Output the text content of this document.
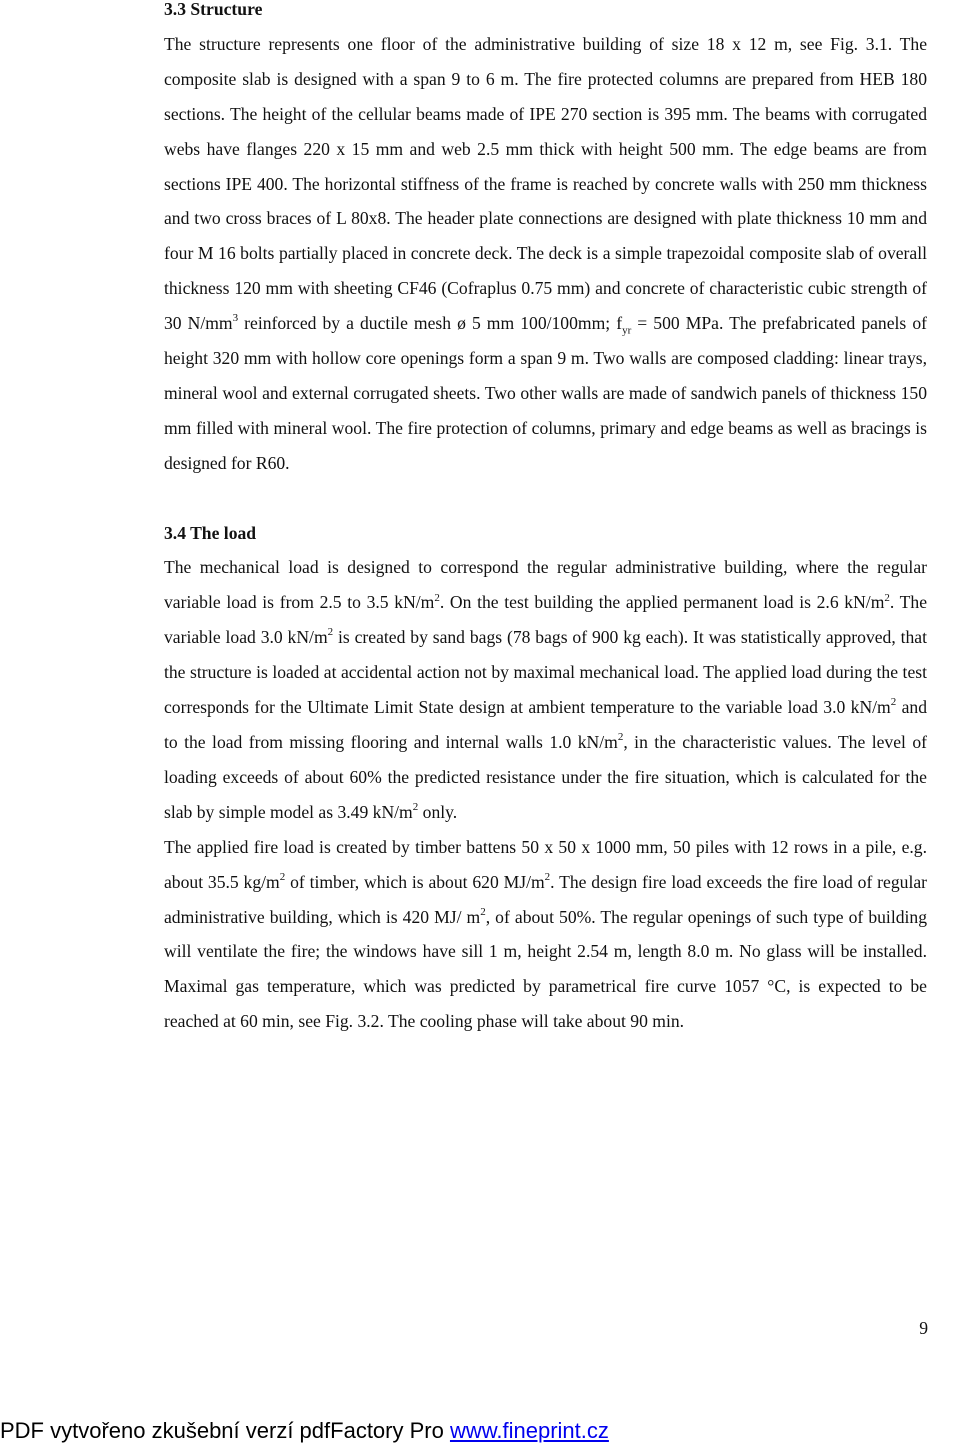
3.3 Structure

The structure represents one floor of the administrative building of size 18 x 12 m, see Fig. 3.1. The composite slab is designed with a span 9 to 6 m. The fire protected columns are prepared from HEB 180 sections. The height of the cellular beams made of IPE 270 section is 395 mm. The beams with corrugated webs have flanges 220 x 15 mm and web 2.5 mm thick with height 500 mm. The edge beams are from sections IPE 400. The horizontal stiffness of the frame is reached by concrete walls with 250 mm thickness and two cross braces of L 80x8. The header plate connections are designed with plate thickness 10 mm and four M 16 bolts partially placed in concrete deck. The deck is a simple trapezoidal composite slab of overall thickness 120 mm with sheeting CF46 (Cofraplus 0.75 mm) and concrete of characteristic cubic strength of 30 $N/mm^3$ reinforced by a ductile mesh ø 5 mm 100/100mm; $f_{yr} = 500$ MPa. The prefabricated panels of height 320 mm with hollow core openings form a span 9 m. Two walls are composed cladding: linear trays, mineral wool and external corrugated sheets. Two other walls are made of sandwich panels of thickness 150 mm filled with mineral wool. The fire protection of columns, primary and edge beams as well as bracings is designed for R60.

3.4 The load

The mechanical load is designed to correspond the regular administrative building, where the regular variable load is from 2.5 to 3.5 $kN/m^2$. On the test building the applied permanent load is 2.6 $kN/m^2$. The variable load 3.0 $kN/m^2$ is created by sand bags (78 bags of 900 kg each). It was statistically approved, that the structure is loaded at accidental action not by maximal mechanical load. The applied load during the test corresponds for the Ultimate Limit State design at ambient temperature to the variable load 3.0 $kN/m^2$ and to the load from missing flooring and internal walls 1.0 $kN/m^2$, in the characteristic values. The level of loading exceeds of about 60% the predicted resistance under the fire situation, which is calculated for the slab by simple model as 3.49 $kN/m^2$ only.

The applied fire load is created by timber battens 50 x 50 x 1000 mm, 50 piles with 12 rows in a pile, e.g. about 35.5 $kg/m^2$ of timber, which is about 620 $MJ/m^2$. The design fire load exceeds the fire load of regular administrative building, which is 420 MJ/ $m^2$, of about 50%. The regular openings of such type of building will ventilate the fire; the windows have sill 1 m, height 2.54 m, length 8.0 m. No glass will be installed. Maximal gas temperature, which was predicted by parametrical fire curve 1057 °C, is expected to be reached at 60 min, see Fig. 3.2. The cooling phase will take about 90 min.

9
PDF vytvořeno zkušební verzí pdfFactory Pro www.fineprint.cz
